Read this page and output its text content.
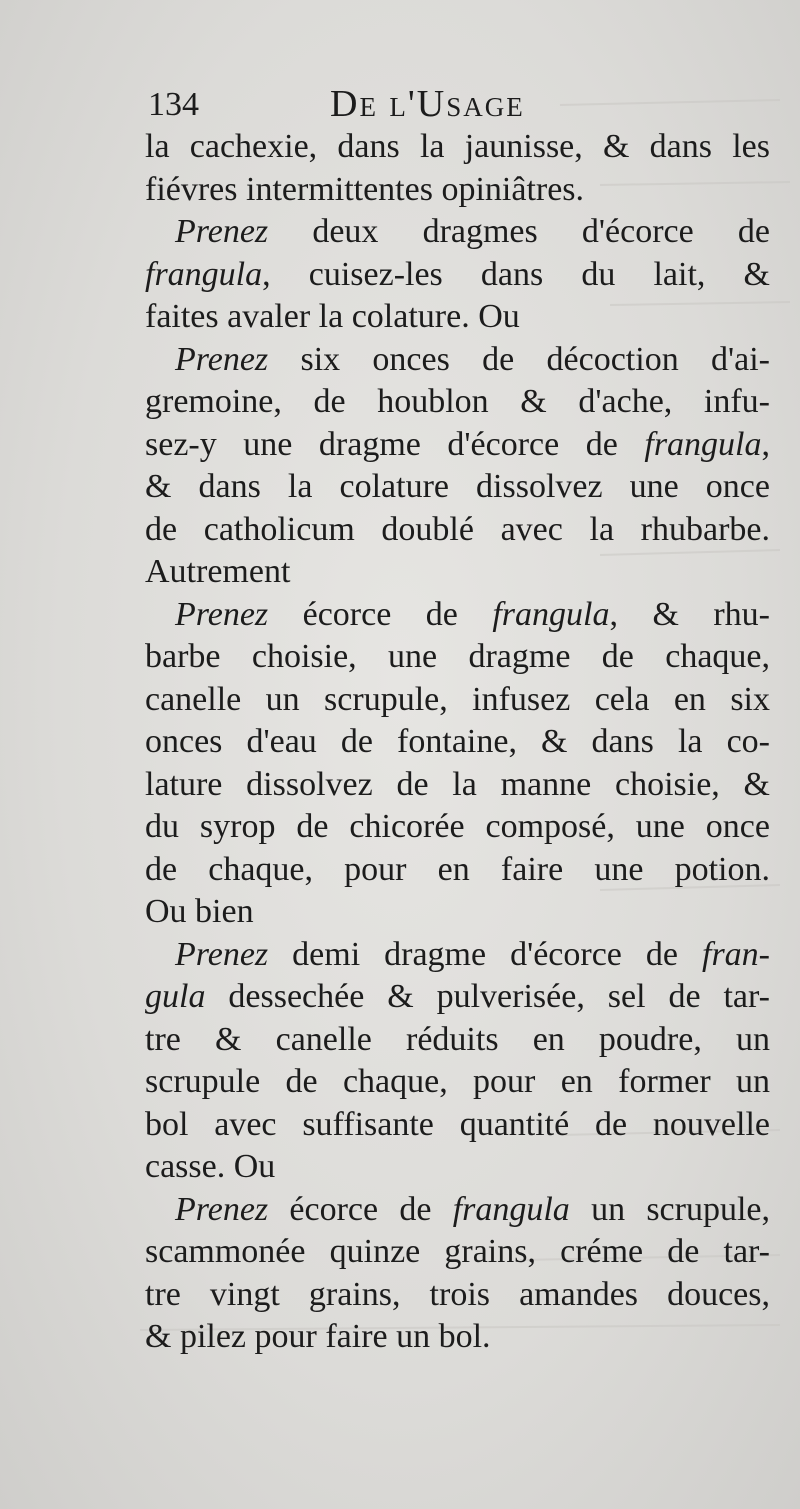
134	De l'Usage
la cachexie, dans la jaunisse, & dans les
fiévres intermittentes opiniâtres.
Prenez deux dragmes d'écorce de
frangula, cuisez-les dans du lait, &
faites avaler la colature. Ou
Prenez six onces de décoction d'ai-
gremoine, de houblon & d'ache, infu-
sez-y une dragme d'écorce de frangula,
& dans la colature dissolvez une once
de catholicum doublé avec la rhubarbe.
Autrement
Prenez écorce de frangula, & rhu-
barbe choisie, une dragme de chaque,
canelle un scrupule, infusez cela en six
onces d'eau de fontaine, & dans la co-
lature dissolvez de la manne choisie, &
du syrop de chicorée composé, une once
de chaque, pour en faire une potion.
Ou bien
Prenez demi dragme d'écorce de fran-
gula dessechée & pulverisée, sel de tar-
tre & canelle réduits en poudre, un
scrupule de chaque, pour en former un
bol avec suffisante quantité de nouvelle
casse. Ou
Prenez écorce de frangula un scrupule,
scammonée quinze grains, créme de tar-
tre vingt grains, trois amandes douces,
& pilez pour faire un bol.
